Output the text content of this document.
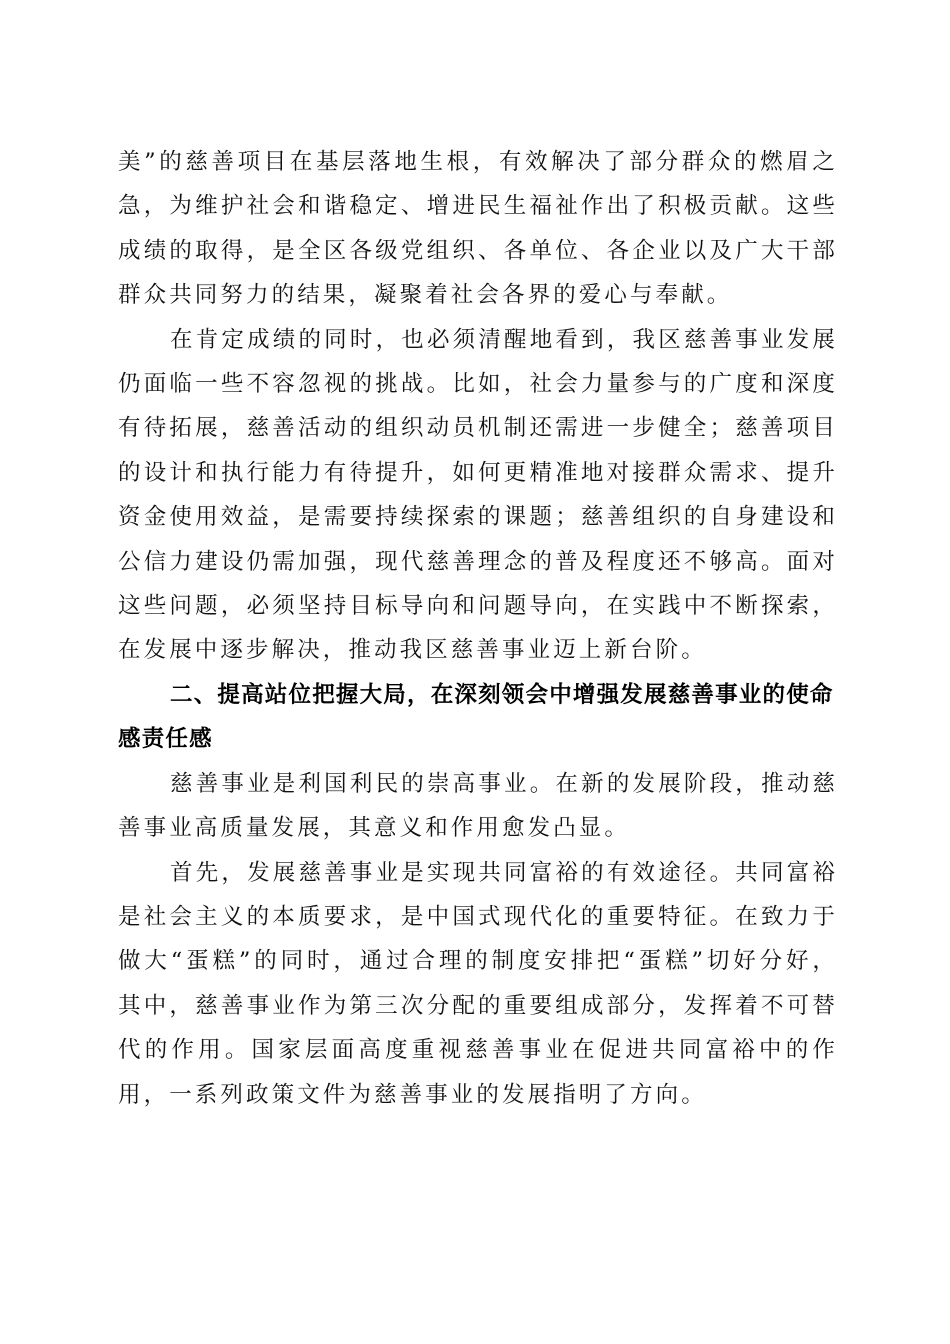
美”的慈善项目在基层落地生根，有效解决了部分群众的燃眉之急，为维护社会和谐稳定、增进民生福祉作出了积极贡献。这些成绩的取得，是全区各级党组织、各单位、各企业以及广大干部群众共同努力的结果，凝聚着社会各界的爱心与奉献。

在肯定成绩的同时，也必须清醒地看到，我区慈善事业发展仍面临一些不容忽视的挑战。比如，社会力量参与的广度和深度有待拓展，慈善活动的组织动员机制还需进一步健全；慈善项目的设计和执行能力有待提升，如何更精准地对接群众需求、提升资金使用效益，是需要持续探索的课题；慈善组织的自身建设和公信力建设仍需加强，现代慈善理念的普及程度还不够高。面对这些问题，必须坚持目标导向和问题导向，在实践中不断探索，在发展中逐步解决，推动我区慈善事业迈上新台阶。

二、提高站位把握大局，在深刻领会中增强发展慈善事业的使命感责任感

慈善事业是利国利民的崇高事业。在新的发展阶段，推动慈善事业高质量发展，其意义和作用愈发凸显。

首先，发展慈善事业是实现共同富裕的有效途径。共同富裕是社会主义的本质要求，是中国式现代化的重要特征。在致力于做大“蛋糕”的同时，通过合理的制度安排把“蛋糕”切好分好，其中，慈善事业作为第三次分配的重要组成部分，发挥着不可替代的作用。国家层面高度重视慈善事业在促进共同富裕中的作用，一系列政策文件为慈善事业的发展指明了方向。
